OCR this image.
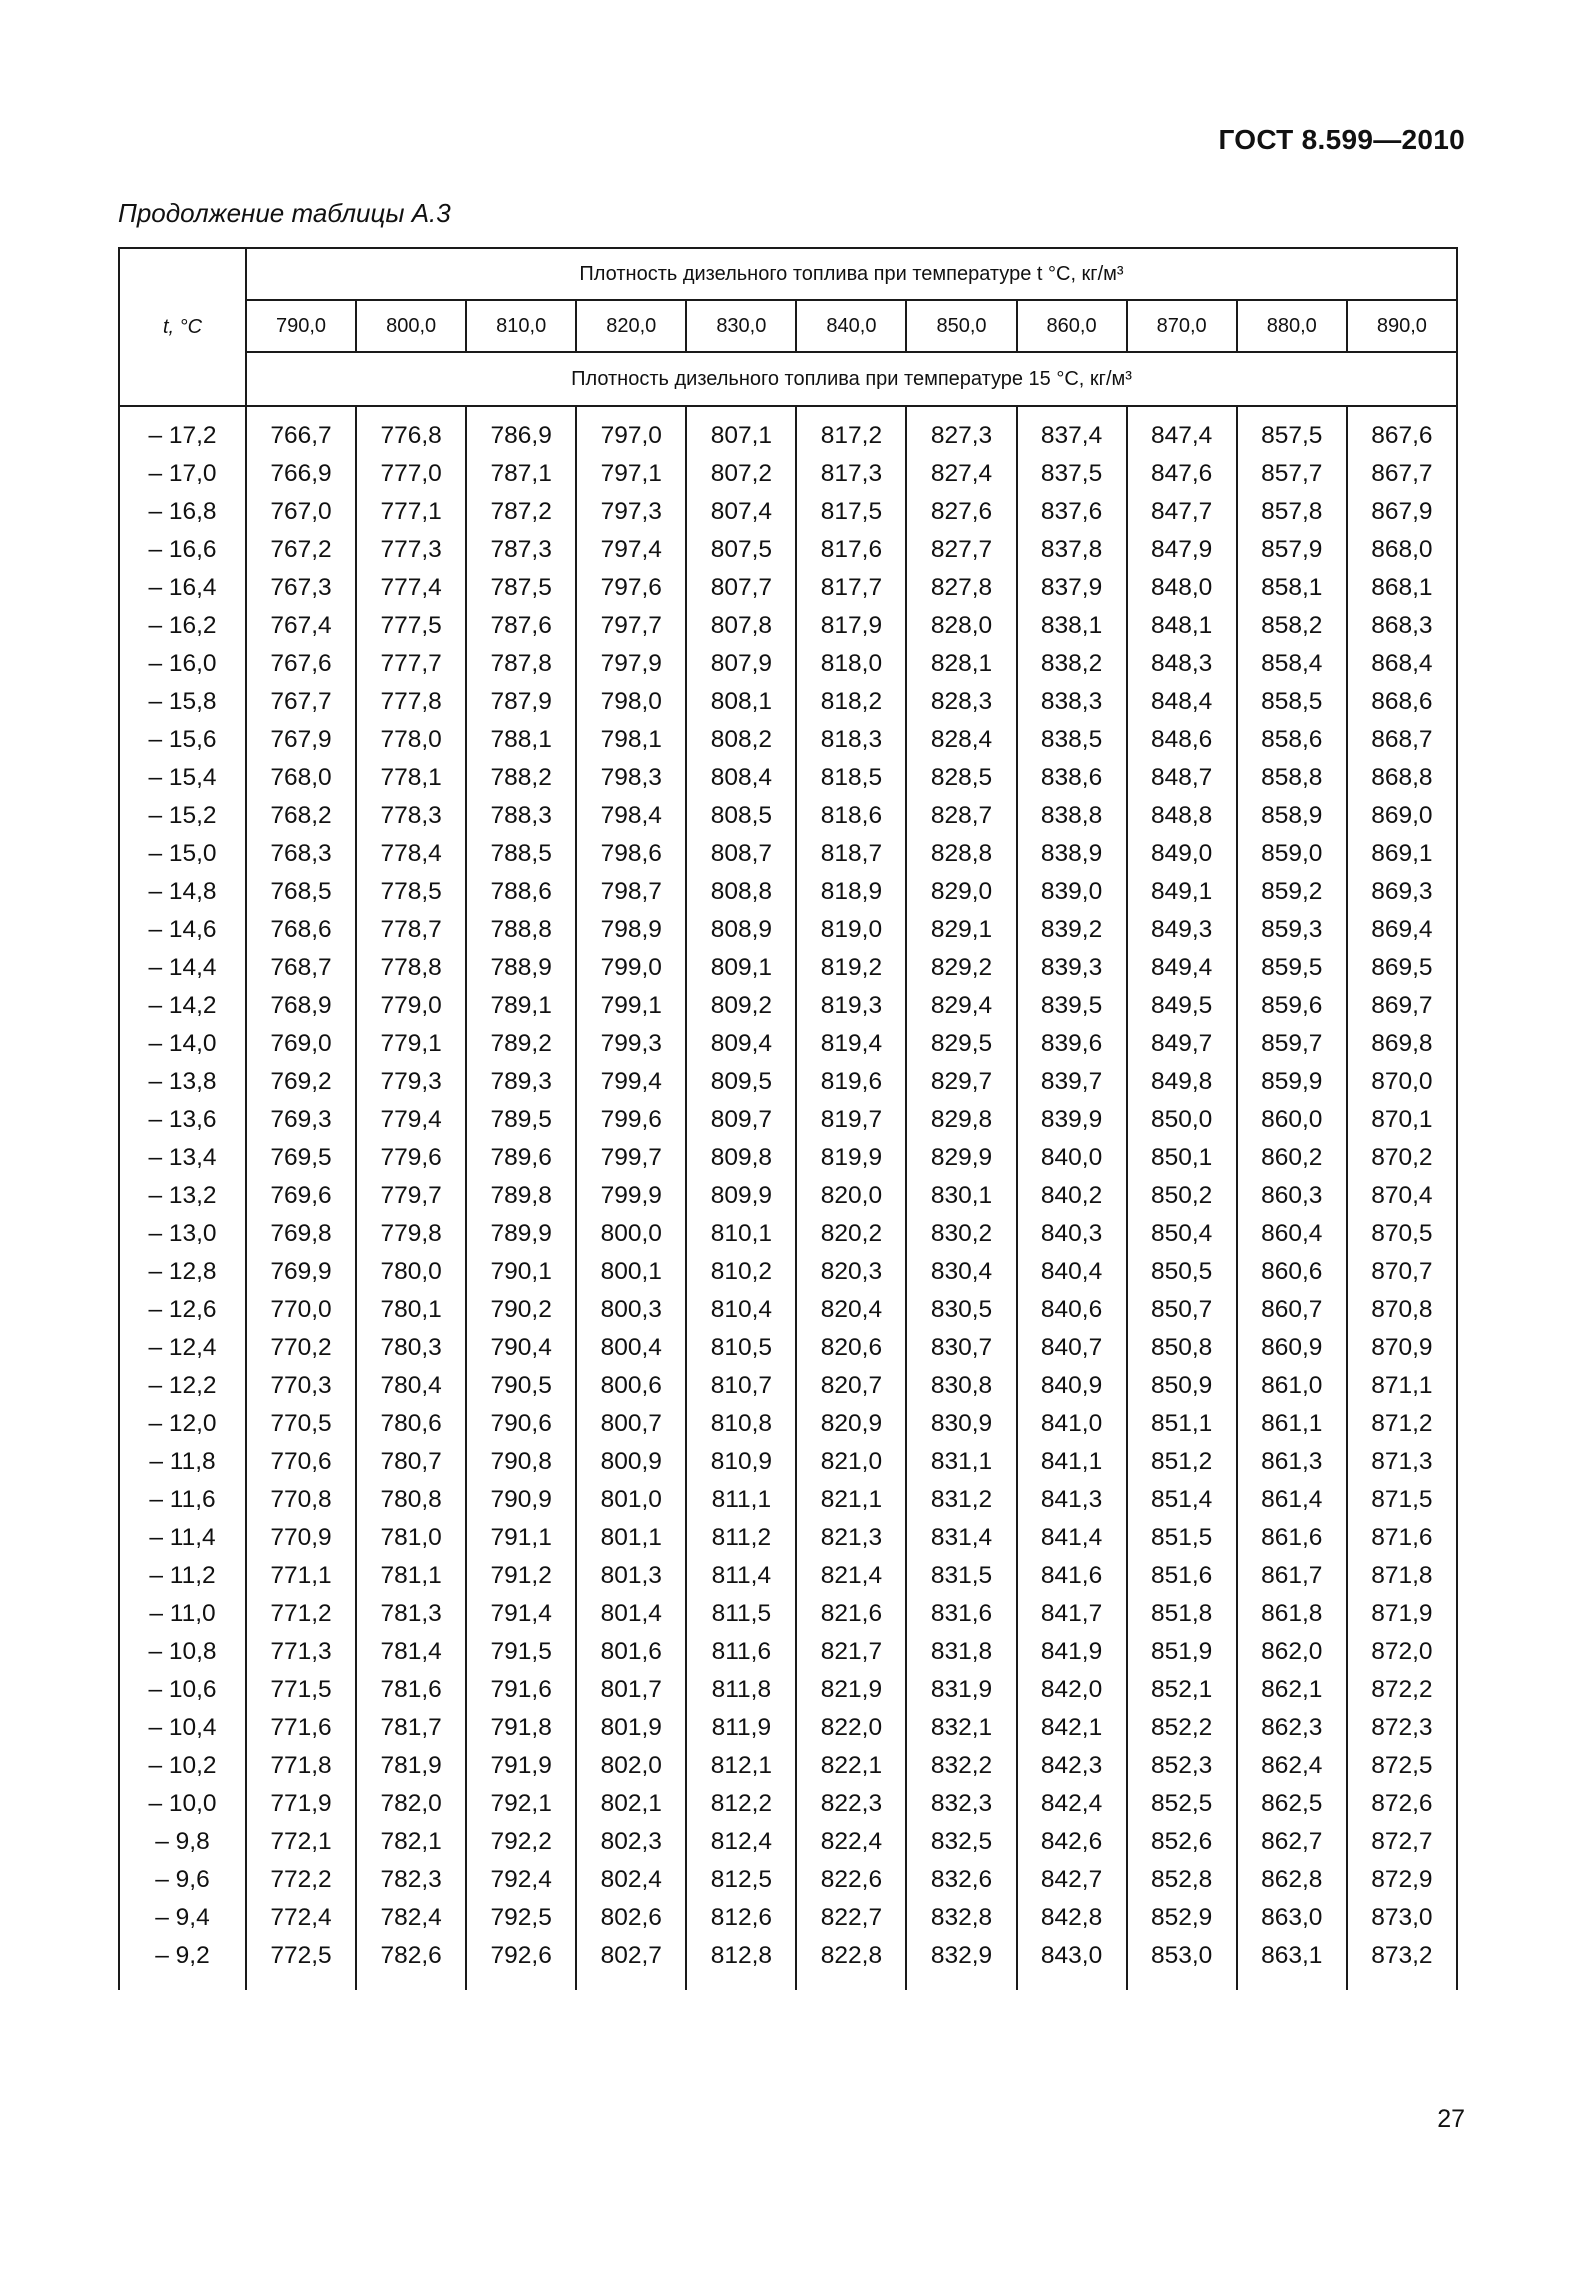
ГОСТ 8.599—2010
Продолжение таблицы А.3
t, °C	Плотность дизельного топлива при температуре t °C, кг/м³										
	790,0	800,0	810,0	820,0	830,0	840,0	850,0	860,0	870,0	880,0	890,0
	Плотность дизельного топлива при температуре 15 °C, кг/м³										
– 17,2	766,7	776,8	786,9	797,0	807,1	817,2	827,3	837,4	847,4	857,5	867,6
– 17,0	766,9	777,0	787,1	797,1	807,2	817,3	827,4	837,5	847,6	857,7	867,7
– 16,8	767,0	777,1	787,2	797,3	807,4	817,5	827,6	837,6	847,7	857,8	867,9
– 16,6	767,2	777,3	787,3	797,4	807,5	817,6	827,7	837,8	847,9	857,9	868,0
– 16,4	767,3	777,4	787,5	797,6	807,7	817,7	827,8	837,9	848,0	858,1	868,1
– 16,2	767,4	777,5	787,6	797,7	807,8	817,9	828,0	838,1	848,1	858,2	868,3
– 16,0	767,6	777,7	787,8	797,9	807,9	818,0	828,1	838,2	848,3	858,4	868,4
– 15,8	767,7	777,8	787,9	798,0	808,1	818,2	828,3	838,3	848,4	858,5	868,6
– 15,6	767,9	778,0	788,1	798,1	808,2	818,3	828,4	838,5	848,6	858,6	868,7
– 15,4	768,0	778,1	788,2	798,3	808,4	818,5	828,5	838,6	848,7	858,8	868,8
– 15,2	768,2	778,3	788,3	798,4	808,5	818,6	828,7	838,8	848,8	858,9	869,0
– 15,0	768,3	778,4	788,5	798,6	808,7	818,7	828,8	838,9	849,0	859,0	869,1
– 14,8	768,5	778,5	788,6	798,7	808,8	818,9	829,0	839,0	849,1	859,2	869,3
– 14,6	768,6	778,7	788,8	798,9	808,9	819,0	829,1	839,2	849,3	859,3	869,4
– 14,4	768,7	778,8	788,9	799,0	809,1	819,2	829,2	839,3	849,4	859,5	869,5
– 14,2	768,9	779,0	789,1	799,1	809,2	819,3	829,4	839,5	849,5	859,6	869,7
– 14,0	769,0	779,1	789,2	799,3	809,4	819,4	829,5	839,6	849,7	859,7	869,8
– 13,8	769,2	779,3	789,3	799,4	809,5	819,6	829,7	839,7	849,8	859,9	870,0
– 13,6	769,3	779,4	789,5	799,6	809,7	819,7	829,8	839,9	850,0	860,0	870,1
– 13,4	769,5	779,6	789,6	799,7	809,8	819,9	829,9	840,0	850,1	860,2	870,2
– 13,2	769,6	779,7	789,8	799,9	809,9	820,0	830,1	840,2	850,2	860,3	870,4
– 13,0	769,8	779,8	789,9	800,0	810,1	820,2	830,2	840,3	850,4	860,4	870,5
– 12,8	769,9	780,0	790,1	800,1	810,2	820,3	830,4	840,4	850,5	860,6	870,7
– 12,6	770,0	780,1	790,2	800,3	810,4	820,4	830,5	840,6	850,7	860,7	870,8
– 12,4	770,2	780,3	790,4	800,4	810,5	820,6	830,7	840,7	850,8	860,9	870,9
– 12,2	770,3	780,4	790,5	800,6	810,7	820,7	830,8	840,9	850,9	861,0	871,1
– 12,0	770,5	780,6	790,6	800,7	810,8	820,9	830,9	841,0	851,1	861,1	871,2
– 11,8	770,6	780,7	790,8	800,9	810,9	821,0	831,1	841,1	851,2	861,3	871,3
– 11,6	770,8	780,8	790,9	801,0	811,1	821,1	831,2	841,3	851,4	861,4	871,5
– 11,4	770,9	781,0	791,1	801,1	811,2	821,3	831,4	841,4	851,5	861,6	871,6
– 11,2	771,1	781,1	791,2	801,3	811,4	821,4	831,5	841,6	851,6	861,7	871,8
– 11,0	771,2	781,3	791,4	801,4	811,5	821,6	831,6	841,7	851,8	861,8	871,9
– 10,8	771,3	781,4	791,5	801,6	811,6	821,7	831,8	841,9	851,9	862,0	872,0
– 10,6	771,5	781,6	791,6	801,7	811,8	821,9	831,9	842,0	852,1	862,1	872,2
– 10,4	771,6	781,7	791,8	801,9	811,9	822,0	832,1	842,1	852,2	862,3	872,3
– 10,2	771,8	781,9	791,9	802,0	812,1	822,1	832,2	842,3	852,3	862,4	872,5
– 10,0	771,9	782,0	792,1	802,1	812,2	822,3	832,3	842,4	852,5	862,5	872,6
– 9,8	772,1	782,1	792,2	802,3	812,4	822,4	832,5	842,6	852,6	862,7	872,7
– 9,6	772,2	782,3	792,4	802,4	812,5	822,6	832,6	842,7	852,8	862,8	872,9
– 9,4	772,4	782,4	792,5	802,6	812,6	822,7	832,8	842,8	852,9	863,0	873,0
– 9,2	772,5	782,6	792,6	802,7	812,8	822,8	832,9	843,0	853,0	863,1	873,2
27
